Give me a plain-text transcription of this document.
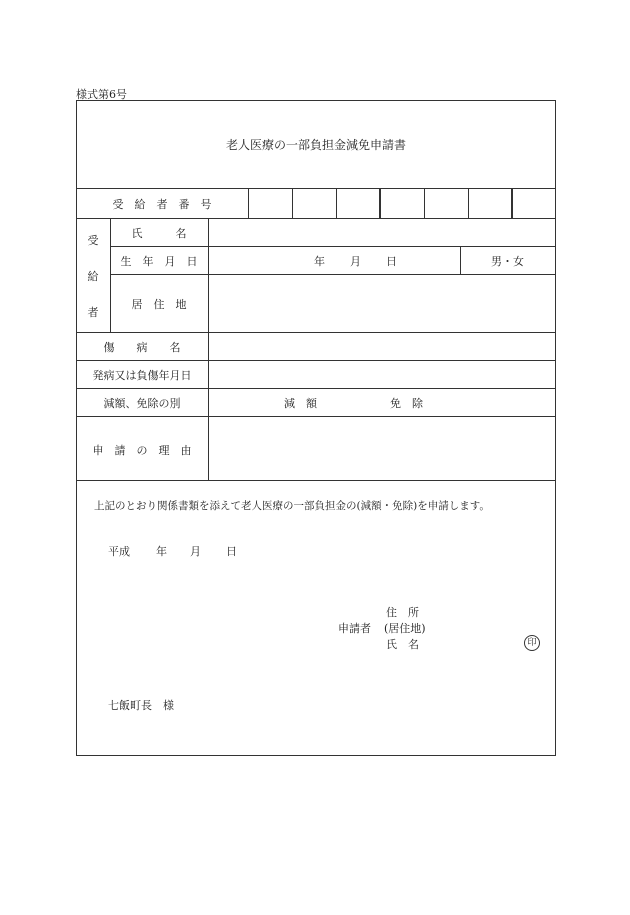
様式第6号
老人医療の一部負担金減免申請書
受　給　者　番　号
受
給
者
氏　　　名
生　年　月　日	年 月 日	男・女
居　住　地
傷　　病　　名
発病又は負傷年月日
減額、免除の別	減　額	免　除
申　請　の　理　由
上記のとおり関係書類を添えて老人医療の一部負担金の(減額・免除)を申請します。
平成 年 月 日
住　所
申請者 (居住地)
氏　名	印
七飯町長　様
